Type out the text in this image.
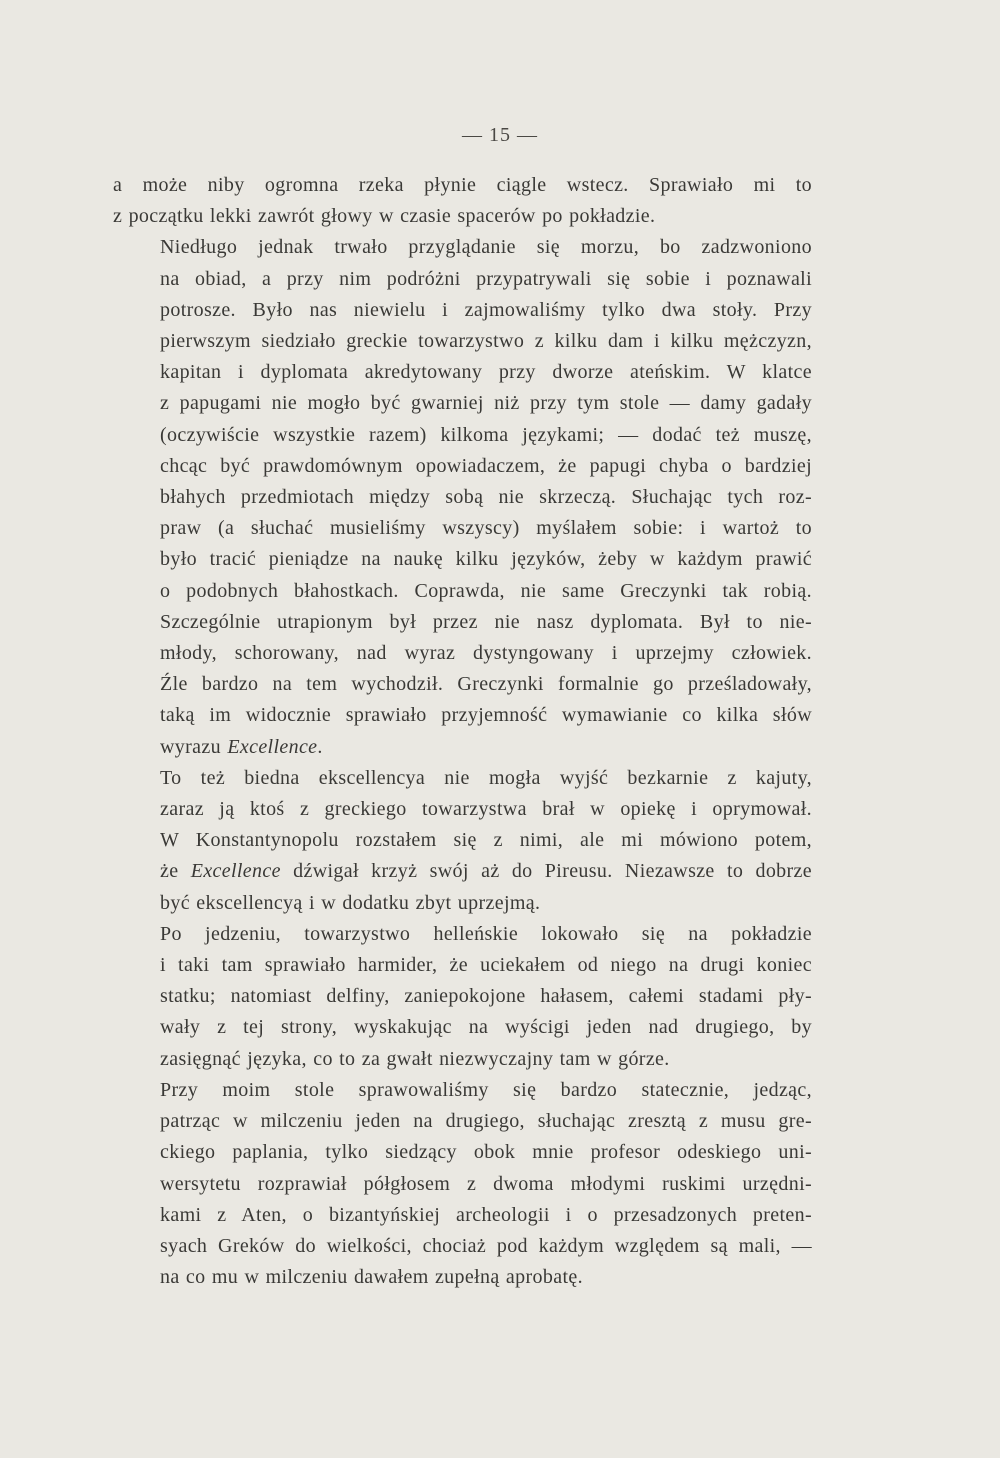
— 15 —

a może niby ogromna rzeka płynie ciągle wstecz. Sprawiało mi to
z początku lekki zawrót głowy w czasie spacerów po pokładzie.

Niedługo jednak trwało przyglądanie się morzu, bo zadzwoniono
na obiad, a przy nim podróżni przypatrywali się sobie i poznawali
potrosze. Było nas niewielu i zajmowaliśmy tylko dwa stoły. Przy
pierwszym siedziało greckie towarzystwo z kilku dam i kilku mężczyzn,
kapitan i dyplomata akredytowany przy dworze ateńskim. W klatce
z papugami nie mogło być gwarniej niż przy tym stole — damy gadały
(oczywiście wszystkie razem) kilkoma językami; — dodać też muszę,
chcąc być prawdomównym opowiadaczem, że papugi chyba o bardziej
błahych przedmiotach między sobą nie skrzeczą. Słuchając tych roz-
praw (a słuchać musieliśmy wszyscy) myślałem sobie: i wartoż to
było tracić pieniądze na naukę kilku języków, żeby w każdym prawić
o podobnych błahostkach. Coprawda, nie same Greczynki tak robią.
Szczególnie utrapionym był przez nie nasz dyplomata. Był to nie-
młody, schorowany, nad wyraz dystyngowany i uprzejmy człowiek.
Źle bardzo na tem wychodził. Greczynki formalnie go prześladowały,
taką im widocznie sprawiało przyjemność wymawianie co kilka słów
wyrazu Excellence.

To też biedna ekscellencya nie mogła wyjść bezkarnie z kajuty,
zaraz ją ktoś z greckiego towarzystwa brał w opiekę i oprymował.
W Konstantynopolu rozstałem się z nimi, ale mi mówiono potem,
że Excellence dźwigał krzyż swój aż do Pireusu. Niezawsze to dobrze
być ekscellencyą i w dodatku zbyt uprzejmą.

Po jedzeniu, towarzystwo helleńskie lokowało się na pokładzie
i taki tam sprawiało harmider, że uciekałem od niego na drugi koniec
statku; natomiast delfiny, zaniepokojone hałasem, całemi stadami pły-
wały z tej strony, wyskakując na wyścigi jeden nad drugiego, by
zasięgnąć języka, co to za gwałt niezwyczajny tam w górze.

Przy moim stole sprawowaliśmy się bardzo statecznie, jedząc,
patrząc w milczeniu jeden na drugiego, słuchając zresztą z musu gre-
ckiego paplania, tylko siedzący obok mnie profesor odeskiego uni-
wersytetu rozprawiał półgłosem z dwoma młodymi ruskimi urzędni-
kami z Aten, o bizantyńskiej archeologii i o przesadzonych preten-
syach Greków do wielkości, chociaż pod każdym względem są mali, —
na co mu w milczeniu dawałem zupełną aprobatę.
